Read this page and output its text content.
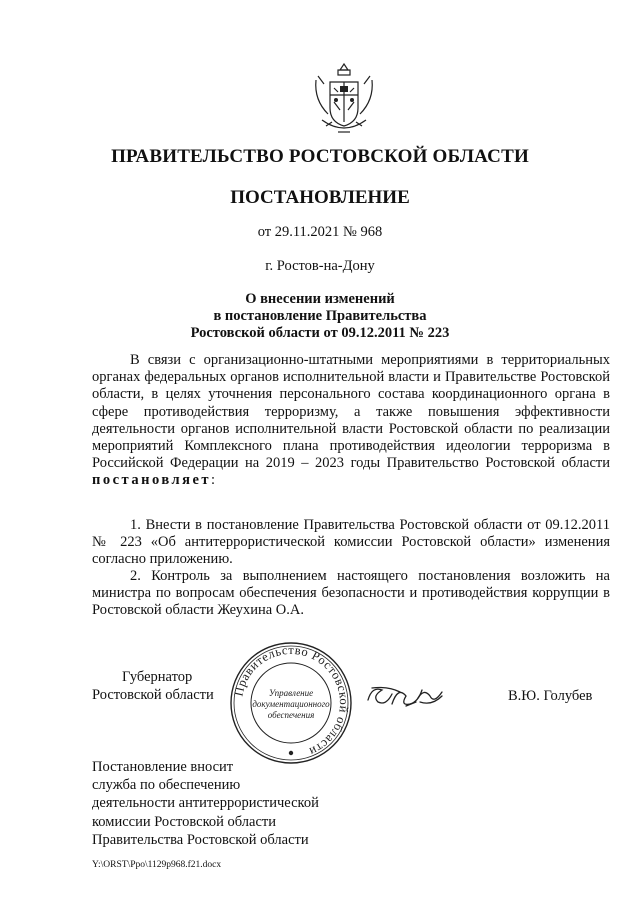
ПРАВИТЕЛЬСТВО РОСТОВСКОЙ ОБЛАСТИ
ПОСТАНОВЛЕНИЕ
от 29.11.2021 № 968
г. Ростов-на-Дону
О внесении изменений
в постановление Правительства
Ростовской области от 09.12.2011 № 223
В связи с организационно-штатными мероприятиями в территориальных органах федеральных органов исполнительной власти и Правительстве Ростовской области, в целях уточнения персонального состава координационного органа в сфере противодействия терроризму, а также повышения эффективности деятельности органов исполнительной власти Ростовской области по реализации мероприятий Комплексного плана противодействия идеологии терроризма в Российской Федерации на 2019 – 2023 годы Правительство Ростовской области постановляет:
1. Внести в постановление Правительства Ростовской области от 09.12.2011 № 223 «Об антитеррористической комиссии Ростовской области» изменения согласно приложению.
2. Контроль за выполнением настоящего постановления возложить на министра по вопросам обеспечения безопасности и противодействия коррупции в Ростовской области Жеухина О.А.
Губернатор
Ростовской области Правительство Ростовской области
Управление
документационного
обеспечения
В.Ю. Голубев
Постановление вносит
служба по обеспечению
деятельности антитеррористической
комиссии Ростовской области
Правительства Ростовской области
Y:\ORST\Ppo\1129p968.f21.docx
